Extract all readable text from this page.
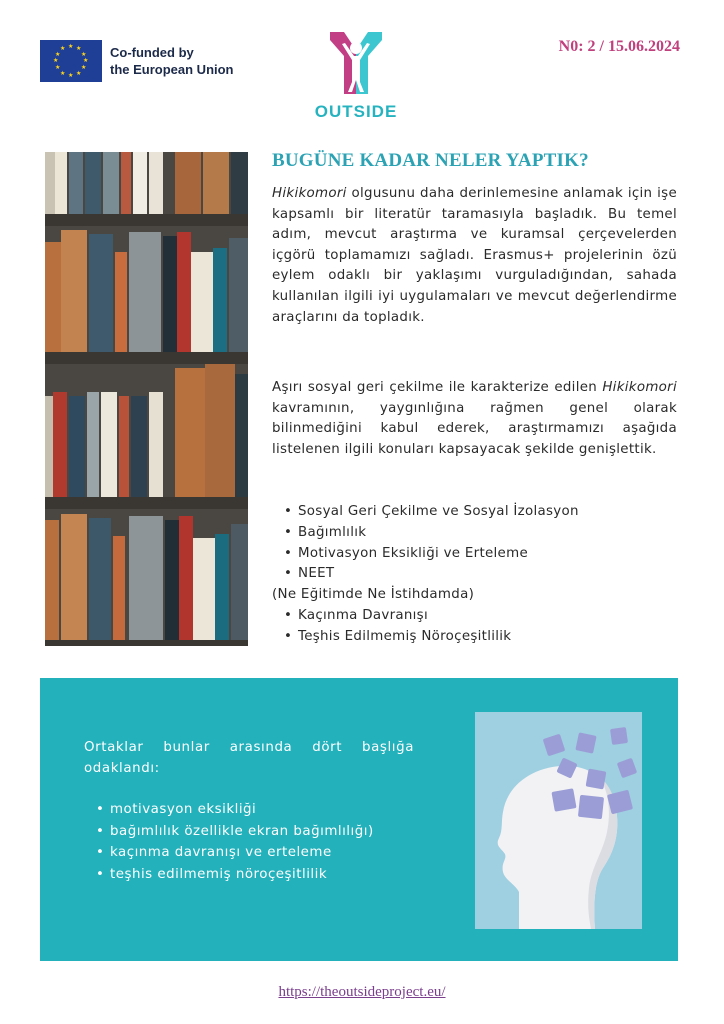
★ ★
★
★
★
★
★
★
★
★
★
★	Co-funded by
the European Union
OUTSIDE
N0: 2 / 15.06.2024
BUGÜNE KADAR NELER YAPTIK?

Hikikomori olgusunu daha derinlemesine anlamak için işe kapsamlı bir literatür taramasıyla başladık. Bu temel adım, mevcut araştırma ve kuramsal çerçevelerden içgörü toplamamızı sağladı. Erasmus+ projelerinin özü eylem odaklı bir yaklaşımı vurguladığından, sahada kullanılan ilgili iyi uygulamaları ve mevcut değerlendirme araçlarını da topladık.

Aşırı sosyal geri çekilme ile karakterize edilen Hikikomori kavramının, yaygınlığına rağmen genel olarak bilinmediğini kabul ederek, araştırmamızı aşağıda listelenen ilgili konuları kapsayacak şekilde genişlettik.

• Sosyal Geri Çekilme ve Sosyal İzolasyon
• Bağımlılık
• Motivasyon Eksikliği ve Erteleme
• NEET
(Ne Eğitimde Ne İstihdamda)
• Kaçınma Davranışı
• Teşhis Edilmemiş Nöroçeşitlilik
Ortaklar bunlar arasında dört başlığa odaklandı:
• motivasyon eksikliği
• bağımlılık özellikle ekran bağımlılığı)
• kaçınma davranışı ve erteleme
• teşhis edilmemiş nöroçeşitlilik
https://theoutsideproject.eu/
